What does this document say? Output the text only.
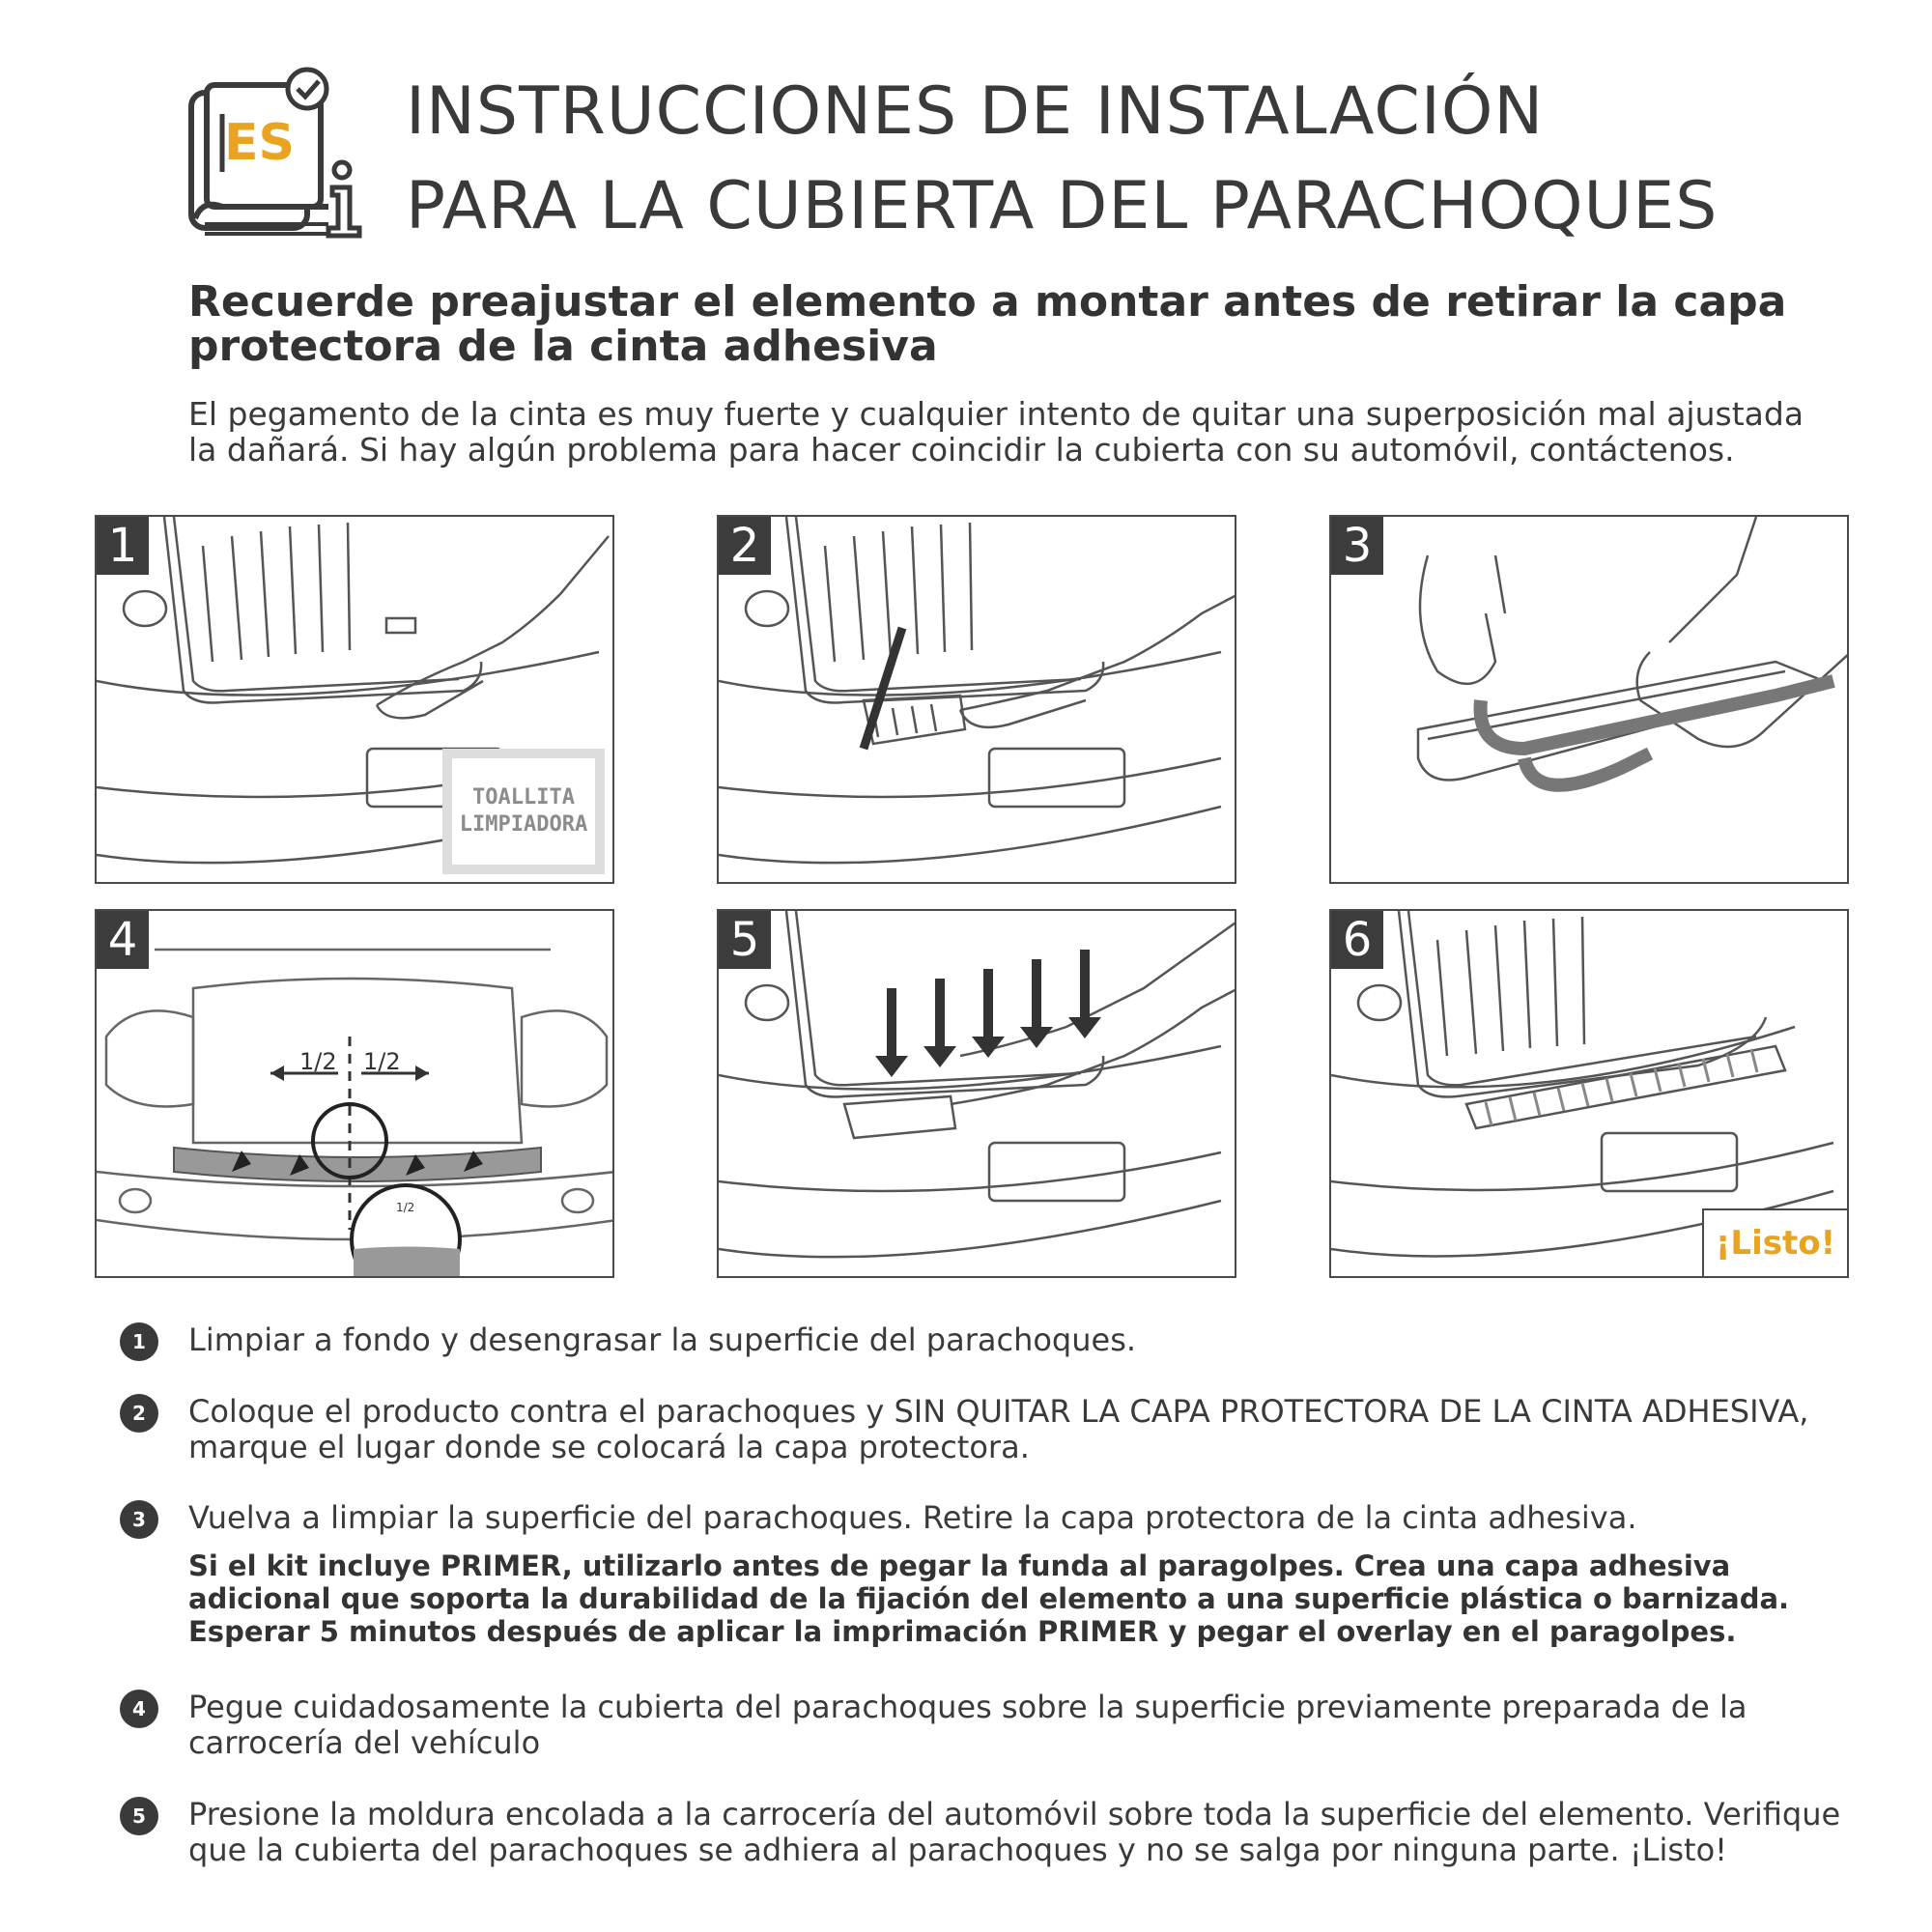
ES INSTRUCCIONES DE INSTALACIÓN
PARA LA CUBIERTA DEL PARACHOQUES
Recuerde preajustar el elemento a montar antes de retirar la capa
protectora de la cinta adhesiva
El pegamento de la cinta es muy fuerte y cualquier intento de quitar una superposición mal ajustada
la dañará. Si hay algún problema para hacer coincidir la cubierta con su automóvil, contáctenos.
1
TOALLITA
LIMPIADORA
2	3
4
1/2 1/2
1/2
5	6
¡Listo!
1	Limpiar a fondo y desengrasar la superficie del parachoques.
2	Coloque el producto contra el parachoques y SIN QUITAR LA CAPA PROTECTORA DE LA CINTA ADHESIVA, marque el lugar donde se colocará la capa protectora.
3	Vuelva a limpiar la superficie del parachoques. Retire la capa protectora de la cinta adhesiva.
Si el kit incluye PRIMER, utilizarlo antes de pegar la funda al paragolpes. Crea una capa adhesiva adicional que soporta la durabilidad de la fijación del elemento a una superficie plástica o barnizada. Esperar 5 minutos después de aplicar la imprimación PRIMER y pegar el overlay en el paragolpes.
4	Pegue cuidadosamente la cubierta del parachoques sobre la superficie previamente preparada de la carrocería del vehículo
5	Presione la moldura encolada a la carrocería del automóvil sobre toda la superficie del elemento. Verifique que la cubierta del parachoques se adhiera al parachoques y no se salga por ninguna parte. ¡Listo!
